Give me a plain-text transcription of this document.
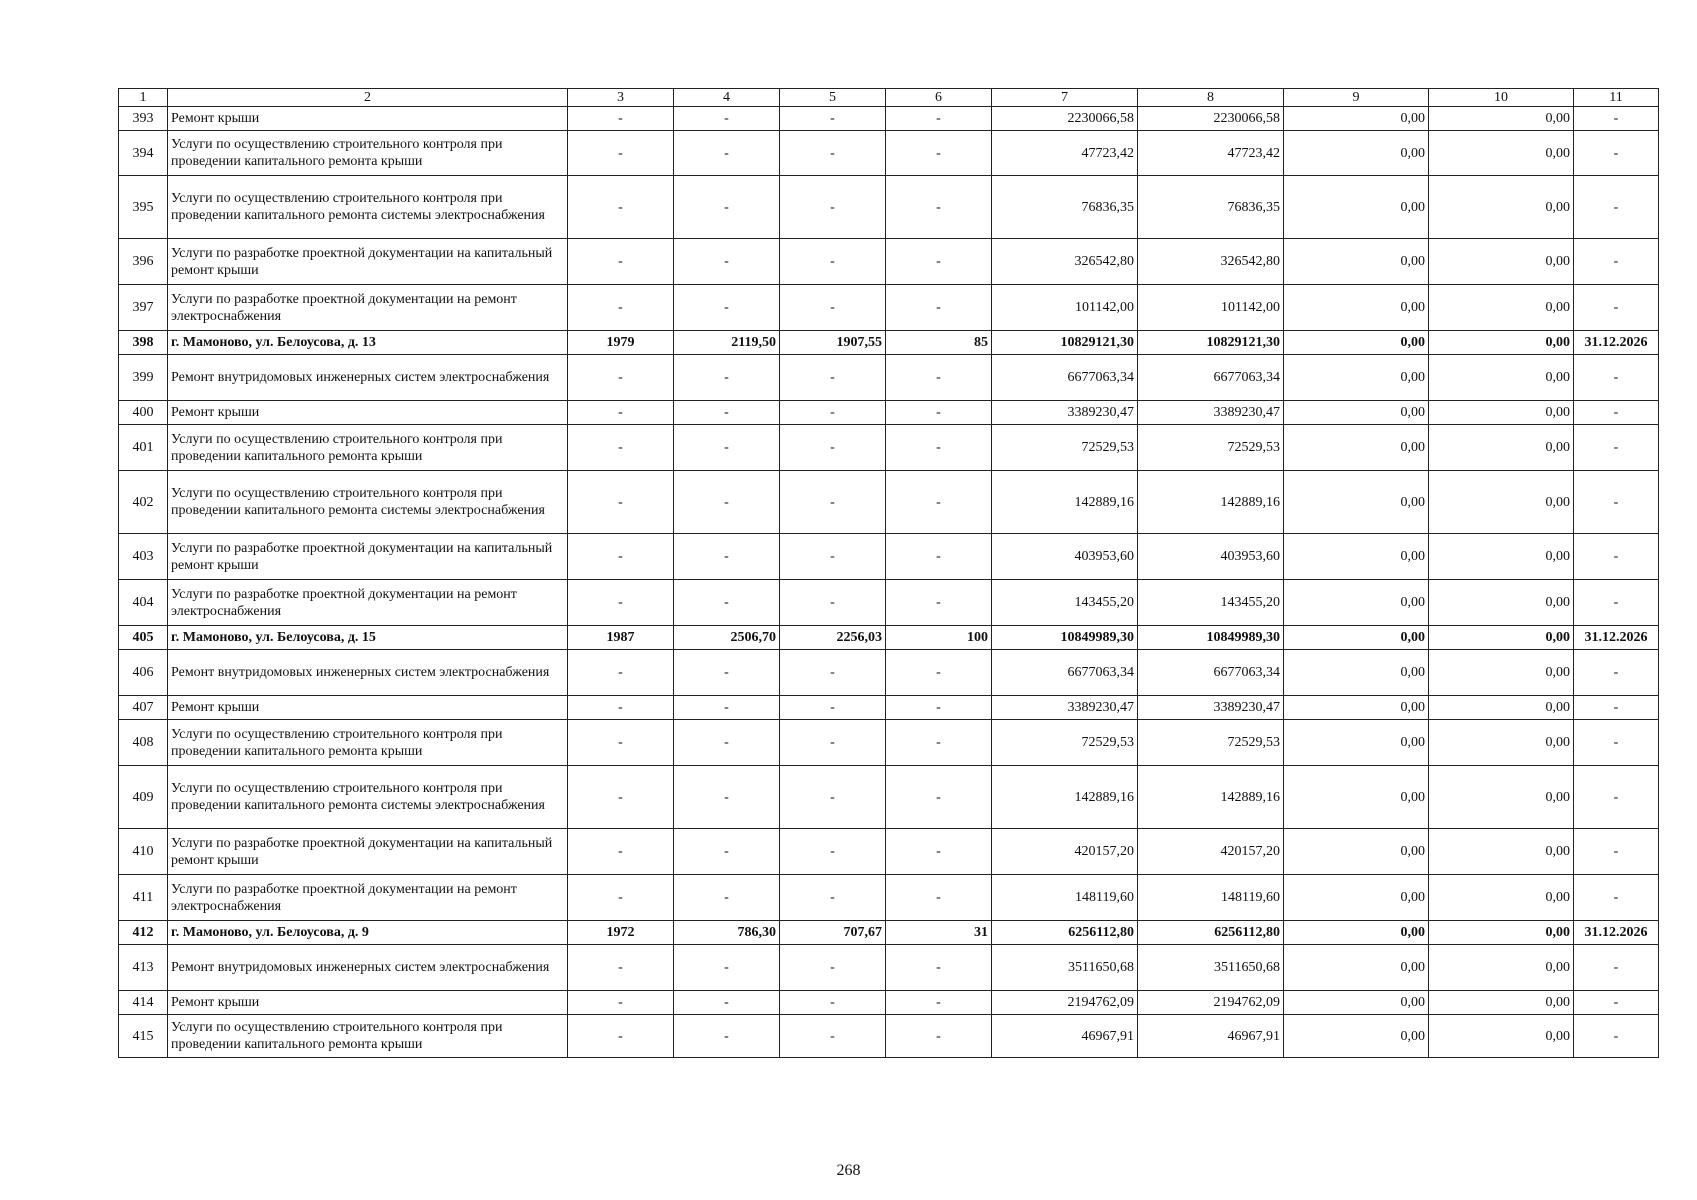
1	2	3	4	5	6	7	8	9	10	11
393	Ремонт крыши	-	-	-	-	2230066,58	2230066,58	0,00	0,00	-
394	Услуги по осуществлению строительного контроля при проведении капитального ремонта крыши	-	-	-	-	47723,42	47723,42	0,00	0,00	-
395	Услуги по осуществлению строительного контроля при проведении капитального ремонта системы электроснабжения	-	-	-	-	76836,35	76836,35	0,00	0,00	-
396	Услуги по разработке проектной документации на капитальный ремонт крыши	-	-	-	-	326542,80	326542,80	0,00	0,00	-
397	Услуги по разработке проектной документации на ремонт электроснабжения	-	-	-	-	101142,00	101142,00	0,00	0,00	-
398	г. Мамоново, ул. Белоусова, д. 13	1979	2119,50	1907,55	85	10829121,30	10829121,30	0,00	0,00	31.12.2026
399	Ремонт внутридомовых инженерных систем электроснабжения	-	-	-	-	6677063,34	6677063,34	0,00	0,00	-
400	Ремонт крыши	-	-	-	-	3389230,47	3389230,47	0,00	0,00	-
401	Услуги по осуществлению строительного контроля при проведении капитального ремонта крыши	-	-	-	-	72529,53	72529,53	0,00	0,00	-
402	Услуги по осуществлению строительного контроля при проведении капитального ремонта системы электроснабжения	-	-	-	-	142889,16	142889,16	0,00	0,00	-
403	Услуги по разработке проектной документации на капитальный ремонт крыши	-	-	-	-	403953,60	403953,60	0,00	0,00	-
404	Услуги по разработке проектной документации на ремонт электроснабжения	-	-	-	-	143455,20	143455,20	0,00	0,00	-
405	г. Мамоново, ул. Белоусова, д. 15	1987	2506,70	2256,03	100	10849989,30	10849989,30	0,00	0,00	31.12.2026
406	Ремонт внутридомовых инженерных систем электроснабжения	-	-	-	-	6677063,34	6677063,34	0,00	0,00	-
407	Ремонт крыши	-	-	-	-	3389230,47	3389230,47	0,00	0,00	-
408	Услуги по осуществлению строительного контроля при проведении капитального ремонта крыши	-	-	-	-	72529,53	72529,53	0,00	0,00	-
409	Услуги по осуществлению строительного контроля при проведении капитального ремонта системы электроснабжения	-	-	-	-	142889,16	142889,16	0,00	0,00	-
410	Услуги по разработке проектной документации на капитальный ремонт крыши	-	-	-	-	420157,20	420157,20	0,00	0,00	-
411	Услуги по разработке проектной документации на ремонт электроснабжения	-	-	-	-	148119,60	148119,60	0,00	0,00	-
412	г. Мамоново, ул. Белоусова, д. 9	1972	786,30	707,67	31	6256112,80	6256112,80	0,00	0,00	31.12.2026
413	Ремонт внутридомовых инженерных систем электроснабжения	-	-	-	-	3511650,68	3511650,68	0,00	0,00	-
414	Ремонт крыши	-	-	-	-	2194762,09	2194762,09	0,00	0,00	-
415	Услуги по осуществлению строительного контроля при проведении капитального ремонта крыши	-	-	-	-	46967,91	46967,91	0,00	0,00	-
268
